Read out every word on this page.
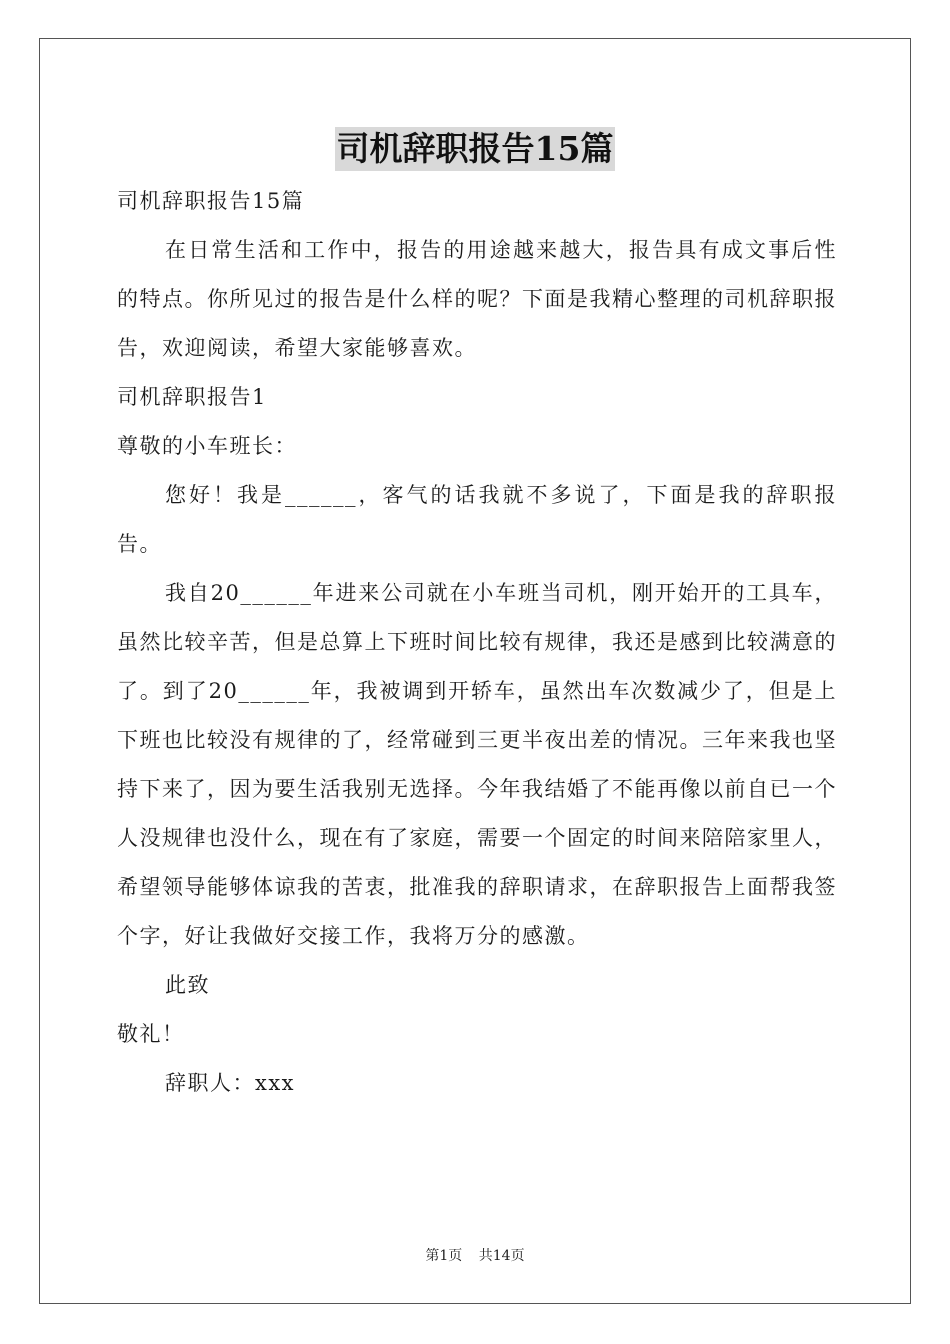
司机辞职报告15篇

司机辞职报告15篇

在日常生活和工作中，报告的用途越来越大，报告具有成文事后性的特点。你所见过的报告是什么样的呢？下面是我精心整理的司机辞职报告，欢迎阅读，希望大家能够喜欢。

司机辞职报告1

尊敬的小车班长：

您好！我是______，客气的话我就不多说了，下面是我的辞职报告。

我自20______年进来公司就在小车班当司机，刚开始开的工具车，虽然比较辛苦，但是总算上下班时间比较有规律，我还是感到比较满意的了。到了20______年，我被调到开轿车，虽然出车次数减少了，但是上下班也比较没有规律的了，经常碰到三更半夜出差的情况。三年来我也坚持下来了，因为要生活我别无选择。今年我结婚了不能再像以前自已一个人没规律也没什么，现在有了家庭，需要一个固定的时间来陪陪家里人，希望领导能够体谅我的苦衷，批准我的辞职请求，在辞职报告上面帮我签个字，好让我做好交接工作，我将万分的感激。

此致

敬礼！

辞职人：xxx

第1页 共14页
